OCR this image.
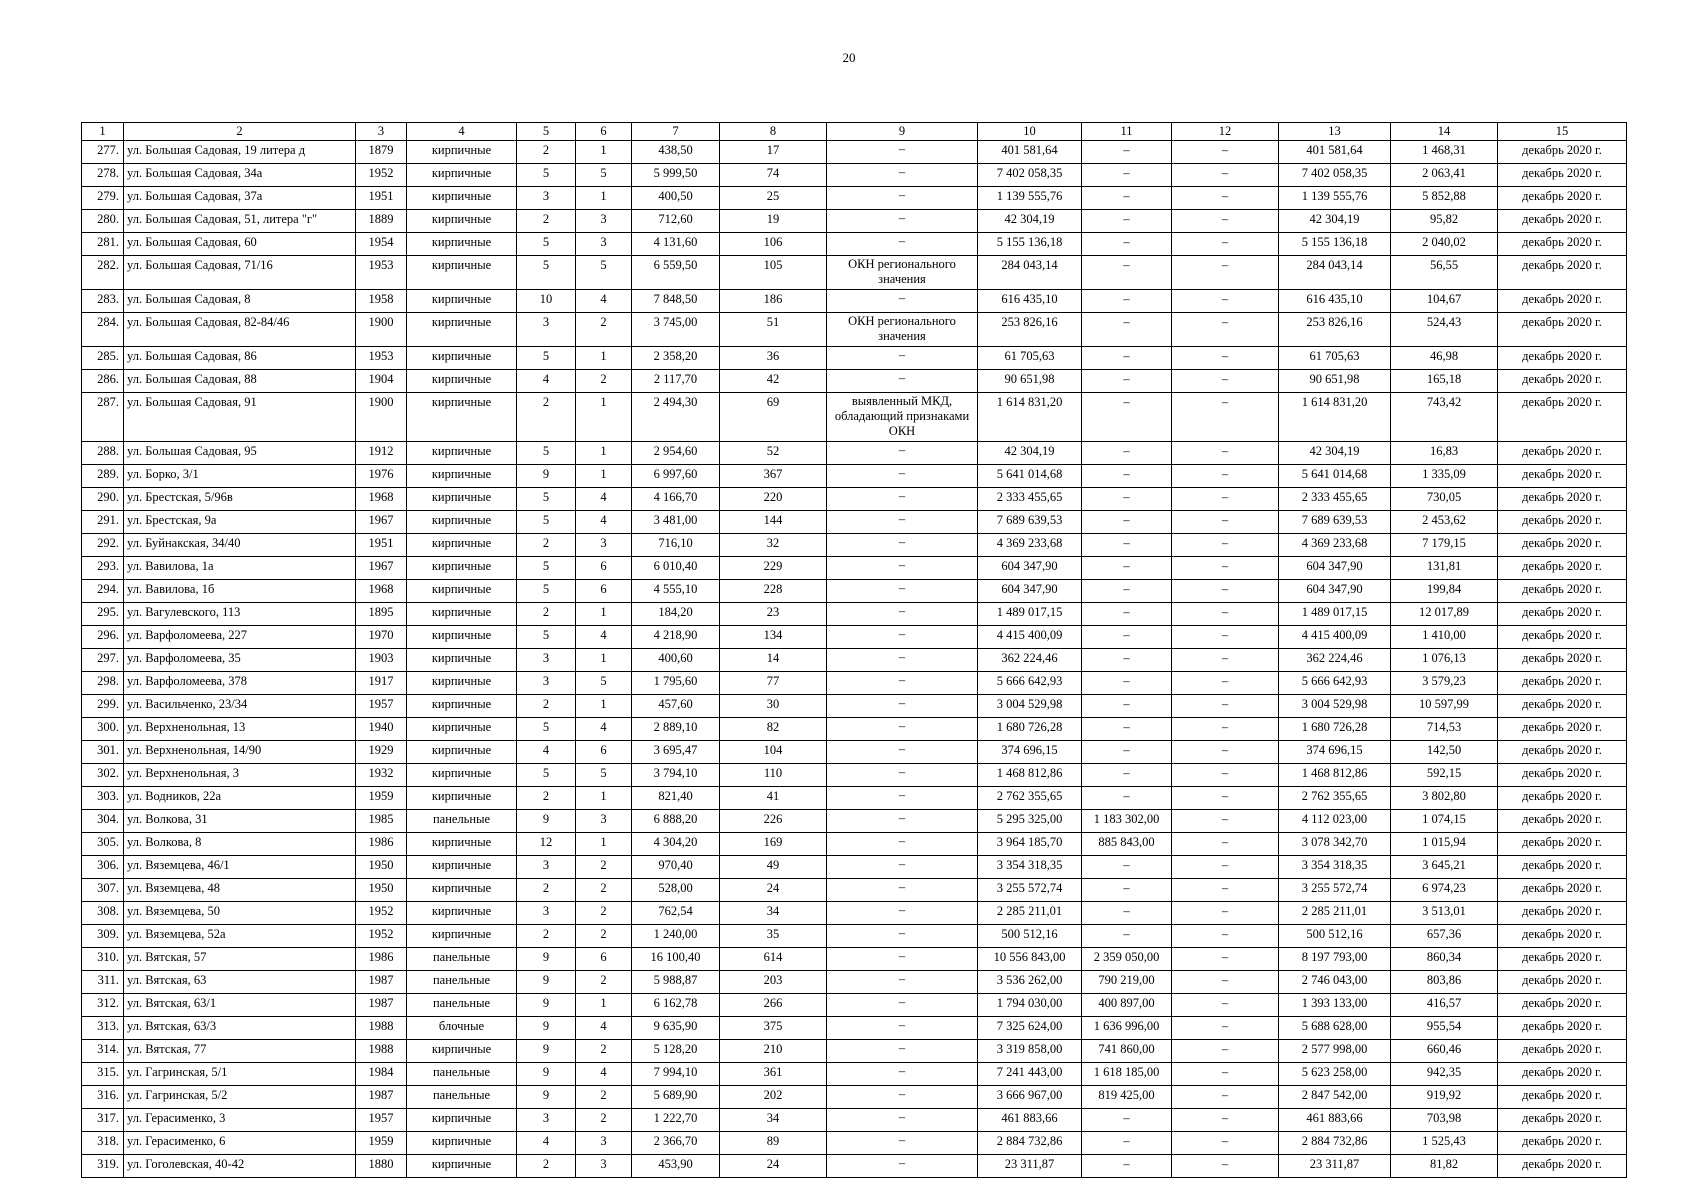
20
1	2	3	4	5	6	7	8	9	10	11	12	13	14	15
277.	ул. Большая Садовая, 19 литера д	1879	кирпичные	2	1	438,50	17	–	401 581,64	–	–	401 581,64	1 468,31	декабрь 2020 г.
278.	ул. Большая Садовая, 34а	1952	кирпичные	5	5	5 999,50	74	–	7 402 058,35	–	–	7 402 058,35	2 063,41	декабрь 2020 г.
279.	ул. Большая Садовая, 37а	1951	кирпичные	3	1	400,50	25	–	1 139 555,76	–	–	1 139 555,76	5 852,88	декабрь 2020 г.
280.	ул. Большая Садовая, 51, литера "г"	1889	кирпичные	2	3	712,60	19	–	42 304,19	–	–	42 304,19	95,82	декабрь 2020 г.
281.	ул. Большая Садовая, 60	1954	кирпичные	5	3	4 131,60	106	–	5 155 136,18	–	–	5 155 136,18	2 040,02	декабрь 2020 г.
282.	ул. Большая Садовая, 71/16	1953	кирпичные	5	5	6 559,50	105	ОКН регионального значения	284 043,14	–	–	284 043,14	56,55	декабрь 2020 г.
283.	ул. Большая Садовая, 8	1958	кирпичные	10	4	7 848,50	186	–	616 435,10	–	–	616 435,10	104,67	декабрь 2020 г.
284.	ул. Большая Садовая, 82-84/46	1900	кирпичные	3	2	3 745,00	51	ОКН регионального значения	253 826,16	–	–	253 826,16	524,43	декабрь 2020 г.
285.	ул. Большая Садовая, 86	1953	кирпичные	5	1	2 358,20	36	–	61 705,63	–	–	61 705,63	46,98	декабрь 2020 г.
286.	ул. Большая Садовая, 88	1904	кирпичные	4	2	2 117,70	42	–	90 651,98	–	–	90 651,98	165,18	декабрь 2020 г.
287.	ул. Большая Садовая, 91	1900	кирпичные	2	1	2 494,30	69	выявленный МКД, обладающий признаками ОКН	1 614 831,20	–	–	1 614 831,20	743,42	декабрь 2020 г.
288.	ул. Большая Садовая, 95	1912	кирпичные	5	1	2 954,60	52	–	42 304,19	–	–	42 304,19	16,83	декабрь 2020 г.
289.	ул. Борко, 3/1	1976	кирпичные	9	1	6 997,60	367	–	5 641 014,68	–	–	5 641 014,68	1 335,09	декабрь 2020 г.
290.	ул. Брестская, 5/96в	1968	кирпичные	5	4	4 166,70	220	–	2 333 455,65	–	–	2 333 455,65	730,05	декабрь 2020 г.
291.	ул. Брестская, 9а	1967	кирпичные	5	4	3 481,00	144	–	7 689 639,53	–	–	7 689 639,53	2 453,62	декабрь 2020 г.
292.	ул. Буйнакская, 34/40	1951	кирпичные	2	3	716,10	32	–	4 369 233,68	–	–	4 369 233,68	7 179,15	декабрь 2020 г.
293.	ул. Вавилова, 1а	1967	кирпичные	5	6	6 010,40	229	–	604 347,90	–	–	604 347,90	131,81	декабрь 2020 г.
294.	ул. Вавилова, 1б	1968	кирпичные	5	6	4 555,10	228	–	604 347,90	–	–	604 347,90	199,84	декабрь 2020 г.
295.	ул. Вагулевского, 113	1895	кирпичные	2	1	184,20	23	–	1 489 017,15	–	–	1 489 017,15	12 017,89	декабрь 2020 г.
296.	ул. Варфоломеева, 227	1970	кирпичные	5	4	4 218,90	134	–	4 415 400,09	–	–	4 415 400,09	1 410,00	декабрь 2020 г.
297.	ул. Варфоломеева, 35	1903	кирпичные	3	1	400,60	14	–	362 224,46	–	–	362 224,46	1 076,13	декабрь 2020 г.
298.	ул. Варфоломеева, 378	1917	кирпичные	3	5	1 795,60	77	–	5 666 642,93	–	–	5 666 642,93	3 579,23	декабрь 2020 г.
299.	ул. Васильченко, 23/34	1957	кирпичные	2	1	457,60	30	–	3 004 529,98	–	–	3 004 529,98	10 597,99	декабрь 2020 г.
300.	ул. Верхненольная, 13	1940	кирпичные	5	4	2 889,10	82	–	1 680 726,28	–	–	1 680 726,28	714,53	декабрь 2020 г.
301.	ул. Верхненольная, 14/90	1929	кирпичные	4	6	3 695,47	104	–	374 696,15	–	–	374 696,15	142,50	декабрь 2020 г.
302.	ул. Верхненольная, 3	1932	кирпичные	5	5	3 794,10	110	–	1 468 812,86	–	–	1 468 812,86	592,15	декабрь 2020 г.
303.	ул. Водников, 22а	1959	кирпичные	2	1	821,40	41	–	2 762 355,65	–	–	2 762 355,65	3 802,80	декабрь 2020 г.
304.	ул. Волкова, 31	1985	панельные	9	3	6 888,20	226	–	5 295 325,00	1 183 302,00	–	4 112 023,00	1 074,15	декабрь 2020 г.
305.	ул. Волкова, 8	1986	кирпичные	12	1	4 304,20	169	–	3 964 185,70	885 843,00	–	3 078 342,70	1 015,94	декабрь 2020 г.
306.	ул. Вяземцева, 46/1	1950	кирпичные	3	2	970,40	49	–	3 354 318,35	–	–	3 354 318,35	3 645,21	декабрь 2020 г.
307.	ул. Вяземцева, 48	1950	кирпичные	2	2	528,00	24	–	3 255 572,74	–	–	3 255 572,74	6 974,23	декабрь 2020 г.
308.	ул. Вяземцева, 50	1952	кирпичные	3	2	762,54	34	–	2 285 211,01	–	–	2 285 211,01	3 513,01	декабрь 2020 г.
309.	ул. Вяземцева, 52а	1952	кирпичные	2	2	1 240,00	35	–	500 512,16	–	–	500 512,16	657,36	декабрь 2020 г.
310.	ул. Вятская, 57	1986	панельные	9	6	16 100,40	614	–	10 556 843,00	2 359 050,00	–	8 197 793,00	860,34	декабрь 2020 г.
311.	ул. Вятская, 63	1987	панельные	9	2	5 988,87	203	–	3 536 262,00	790 219,00	–	2 746 043,00	803,86	декабрь 2020 г.
312.	ул. Вятская, 63/1	1987	панельные	9	1	6 162,78	266	–	1 794 030,00	400 897,00	–	1 393 133,00	416,57	декабрь 2020 г.
313.	ул. Вятская, 63/3	1988	блочные	9	4	9 635,90	375	–	7 325 624,00	1 636 996,00	–	5 688 628,00	955,54	декабрь 2020 г.
314.	ул. Вятская, 77	1988	кирпичные	9	2	5 128,20	210	–	3 319 858,00	741 860,00	–	2 577 998,00	660,46	декабрь 2020 г.
315.	ул. Гагринская, 5/1	1984	панельные	9	4	7 994,10	361	–	7 241 443,00	1 618 185,00	–	5 623 258,00	942,35	декабрь 2020 г.
316.	ул. Гагринская, 5/2	1987	панельные	9	2	5 689,90	202	–	3 666 967,00	819 425,00	–	2 847 542,00	919,92	декабрь 2020 г.
317.	ул. Герасименко, 3	1957	кирпичные	3	2	1 222,70	34	–	461 883,66	–	–	461 883,66	703,98	декабрь 2020 г.
318.	ул. Герасименко, 6	1959	кирпичные	4	3	2 366,70	89	–	2 884 732,86	–	–	2 884 732,86	1 525,43	декабрь 2020 г.
319.	ул. Гоголевская, 40-42	1880	кирпичные	2	3	453,90	24	–	23 311,87	–	–	23 311,87	81,82	декабрь 2020 г.
